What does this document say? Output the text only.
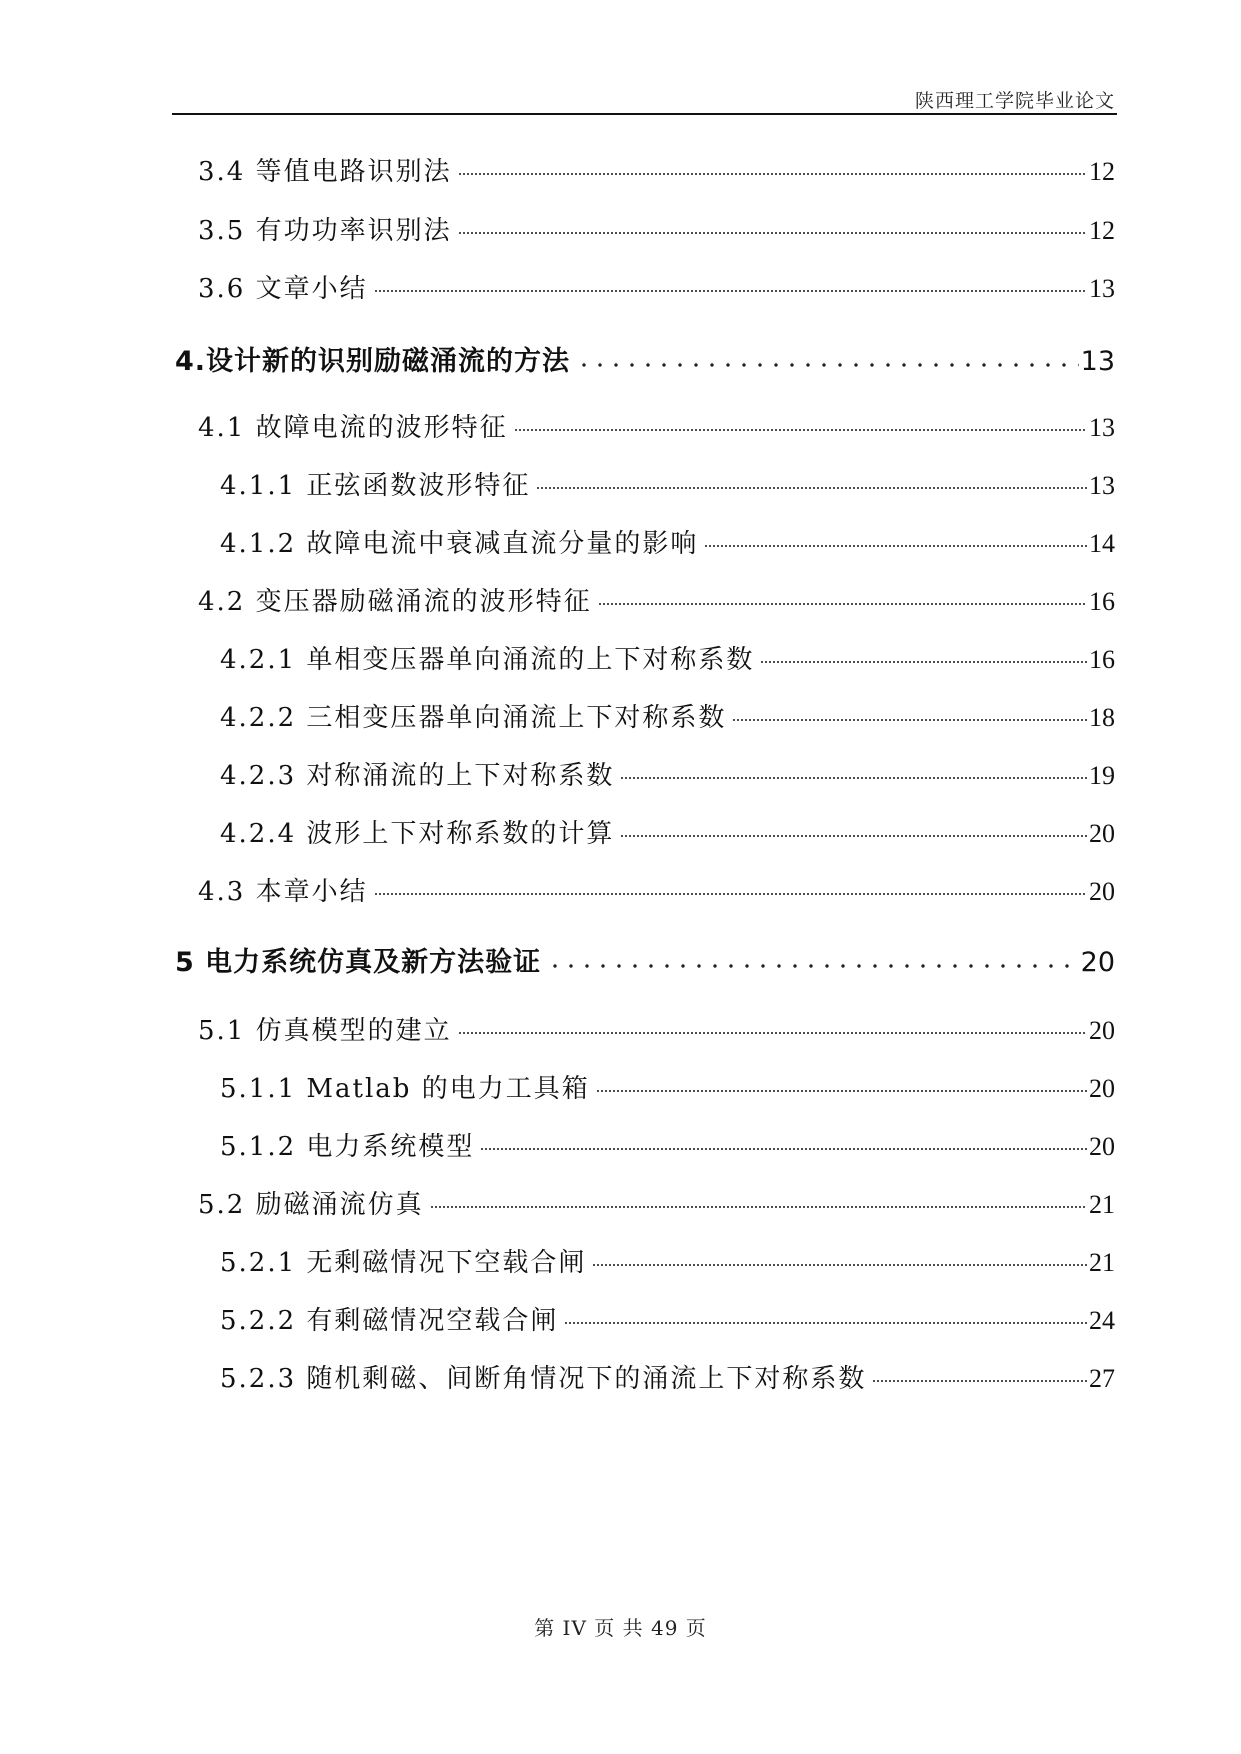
陕西理工学院毕业论文
3.4 等值电路识别法	12
3.5 有功功率识别法	12
3.6 文章小结	13
4.设计新的识别励磁涌流的方法	13
4.1 故障电流的波形特征	13
4.1.1 正弦函数波形特征	13
4.1.2 故障电流中衰减直流分量的影响	14
4.2 变压器励磁涌流的波形特征	16
4.2.1 单相变压器单向涌流的上下对称系数	16
4.2.2 三相变压器单向涌流上下对称系数	18
4.2.3 对称涌流的上下对称系数	19
4.2.4 波形上下对称系数的计算	20
4.3 本章小结	20
5 电力系统仿真及新方法验证	20
5.1 仿真模型的建立	20
5.1.1 Matlab 的电力工具箱	20
5.1.2 电力系统模型	20
5.2 励磁涌流仿真	21
5.2.1 无剩磁情况下空载合闸	21
5.2.2 有剩磁情况空载合闸	24
5.2.3 随机剩磁、间断角情况下的涌流上下对称系数	27
第 IV 页 共 49 页
